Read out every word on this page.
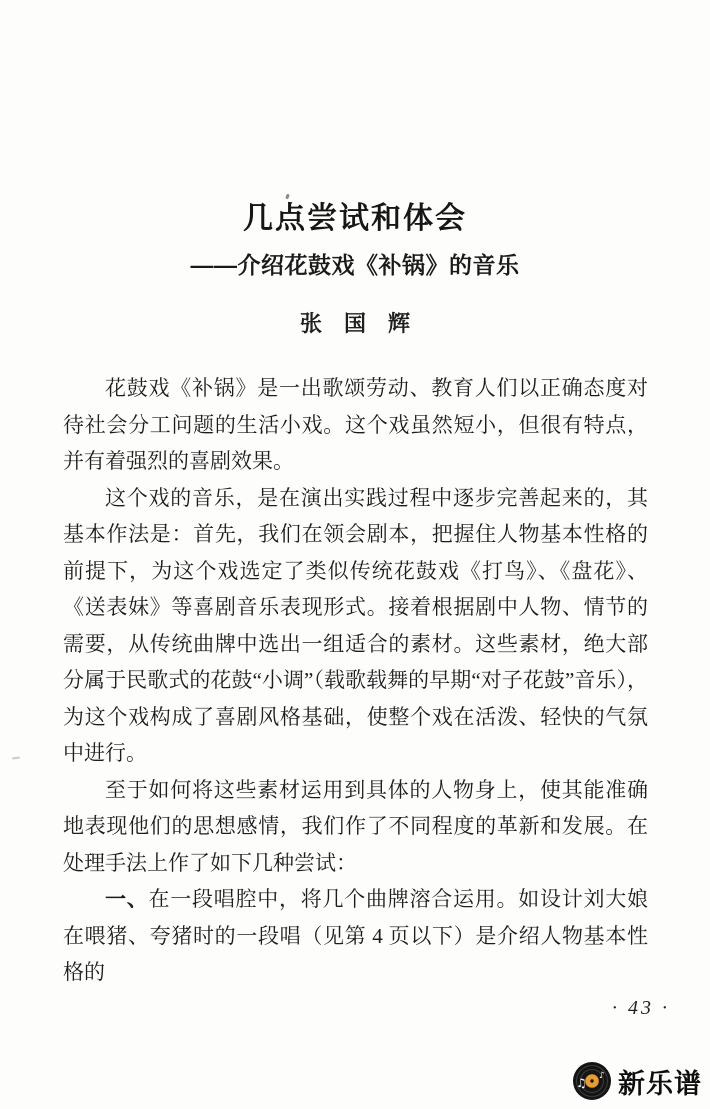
几点尝试和体会
——介绍花鼓戏《补锅》的音乐
张　国　辉

花鼓戏《补锅》是一出歌颂劳动、教育人们以正确态度对待社会分工问题的生活小戏。这个戏虽然短小，但很有特点，并有着强烈的喜剧效果。

这个戏的音乐，是在演出实践过程中逐步完善起来的，其基本作法是：首先，我们在领会剧本，把握住人物基本性格的前提下，为这个戏选定了类似传统花鼓戏《打鸟》、《盘花》、《送表妹》等喜剧音乐表现形式。接着根据剧中人物、情节的需要，从传统曲牌中选出一组适合的素材。这些素材，绝大部分属于民歌式的花鼓“小调”（载歌载舞的早期“对子花鼓”音乐），为这个戏构成了喜剧风格基础，使整个戏在活泼、轻快的气氛中进行。

至于如何将这些素材运用到具体的人物身上，使其能准确地表现他们的思想感情，我们作了不同程度的革新和发展。在处理手法上作了如下几种尝试：

一、在一段唱腔中，将几个曲牌溶合运用。如设计刘大娘在喂猪、夸猪时的一段唱（见第 4 页以下）是介绍人物基本性格的

· 43 ·
♫ ♪ 新乐谱
